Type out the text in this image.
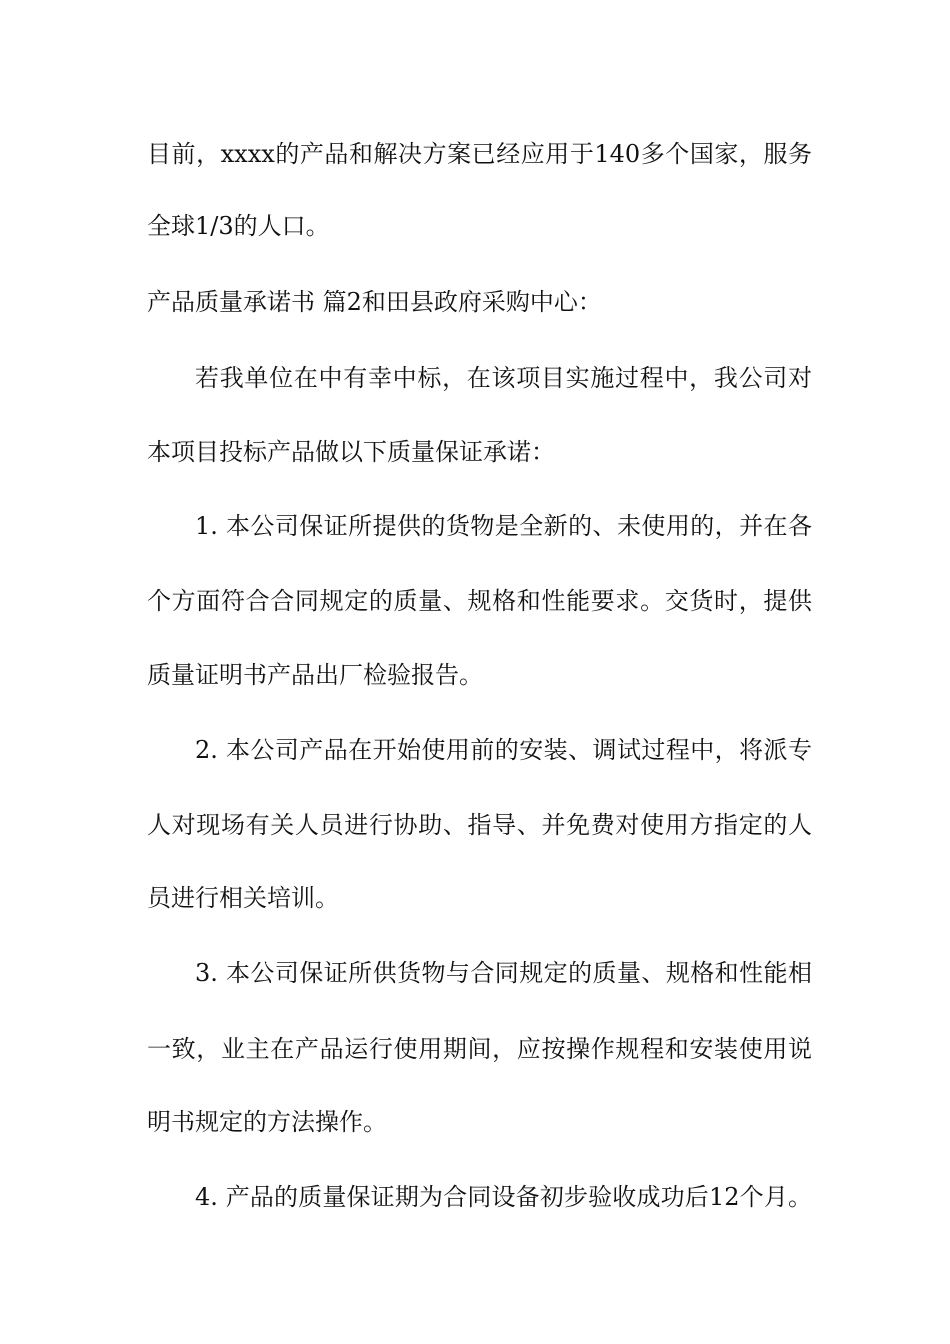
目前，xxxx的产品和解决方案已经应用于140多个国家，服务
全球1/3的人口。
产品质量承诺书 篇2和田县政府采购中心：
若我单位在中有幸中标，在该项目实施过程中，我公司对
本项目投标产品做以下质量保证承诺：
1. 本公司保证所提供的货物是全新的、未使用的，并在各
个方面符合合同规定的质量、规格和性能要求。交货时，提供
质量证明书产品出厂检验报告。
2. 本公司产品在开始使用前的安装、调试过程中，将派专
人对现场有关人员进行协助、指导、并免费对使用方指定的人
员进行相关培训。
3. 本公司保证所供货物与合同规定的质量、规格和性能相
一致，业主在产品运行使用期间，应按操作规程和安装使用说
明书规定的方法操作。
4. 产品的质量保证期为合同设备初步验收成功后12个月。
